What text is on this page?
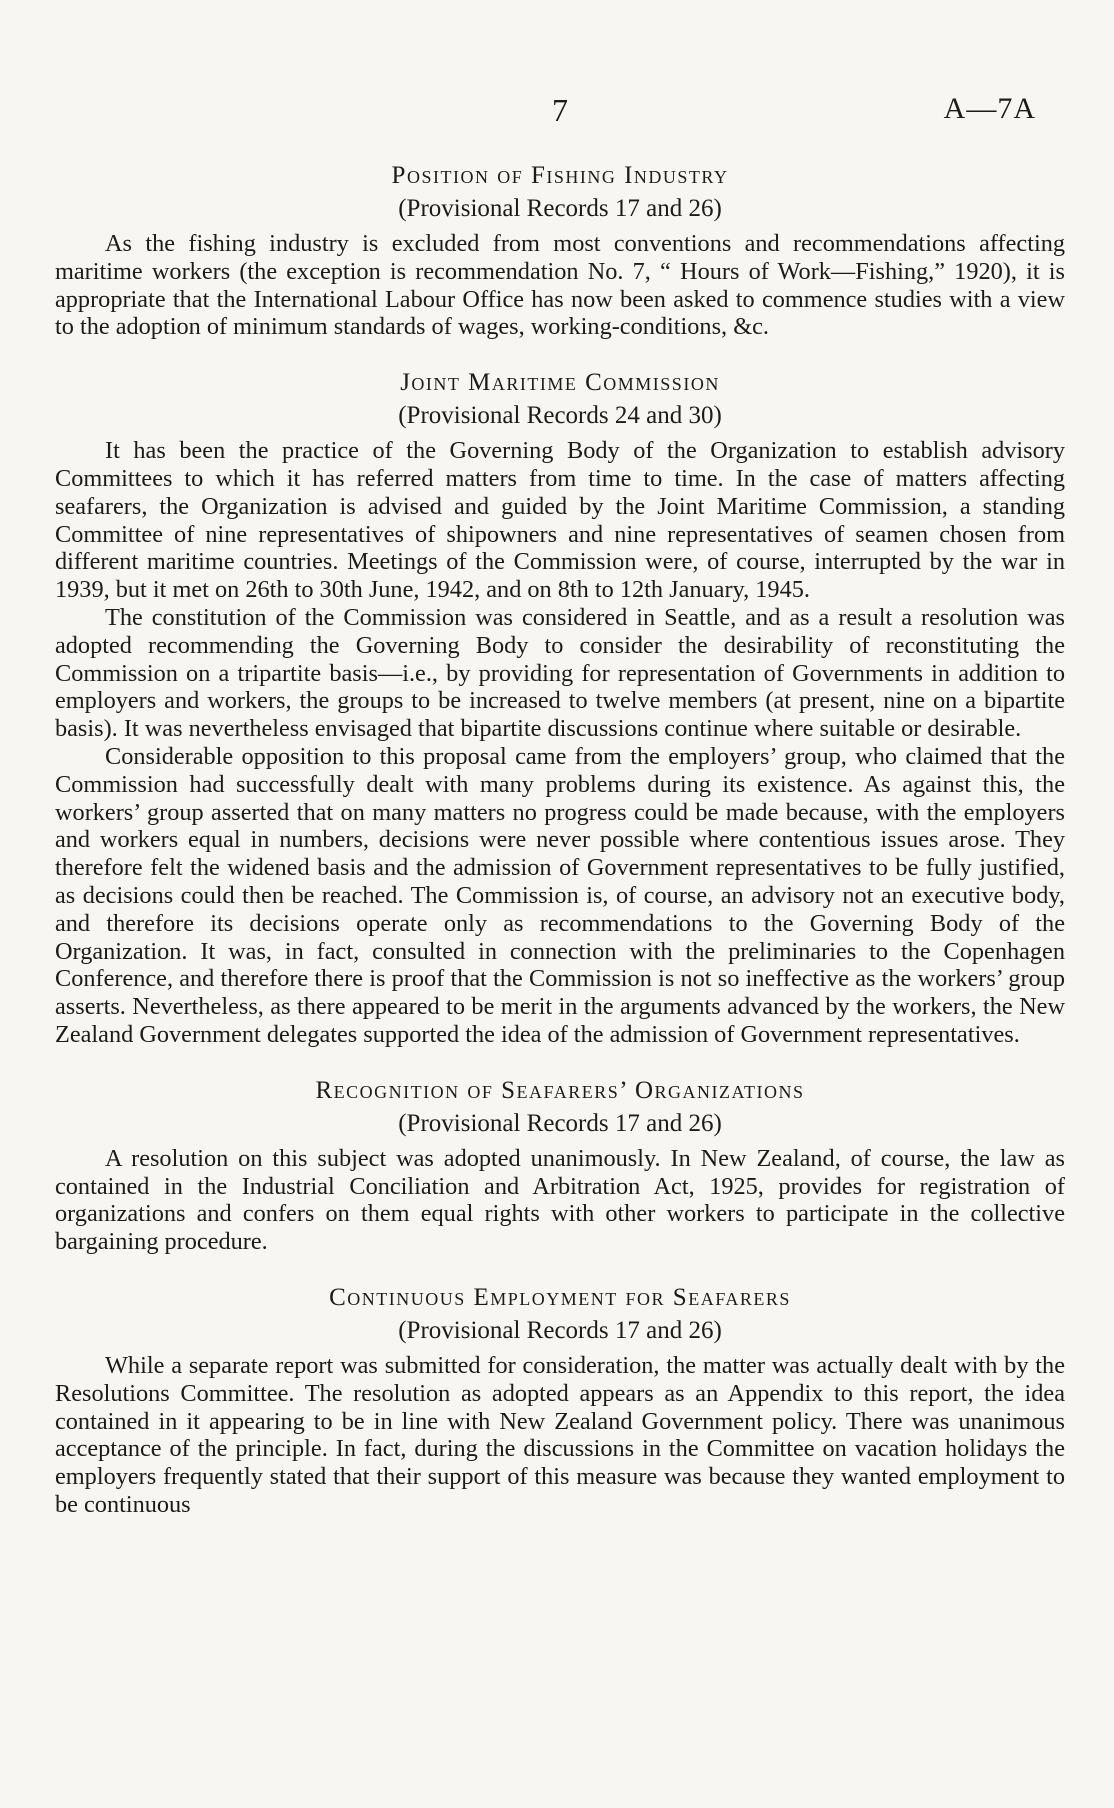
7	A—7A
Position of Fishing Industry
(Provisional Records 17 and 26)

As the fishing industry is excluded from most conventions and recommendations affecting maritime workers (the exception is recommendation No. 7, “ Hours of Work—Fishing,” 1920), it is appropriate that the International Labour Office has now been asked to commence studies with a view to the adoption of minimum standards of wages, working-conditions, &c.

Joint Maritime Commission
(Provisional Records 24 and 30)

It has been the practice of the Governing Body of the Organization to establish advisory Committees to which it has referred matters from time to time. In the case of matters affecting seafarers, the Organization is advised and guided by the Joint Maritime Commission, a standing Committee of nine representatives of shipowners and nine representatives of seamen chosen from different maritime countries. Meetings of the Commission were, of course, interrupted by the war in 1939, but it met on 26th to 30th June, 1942, and on 8th to 12th January, 1945.

The constitution of the Commission was considered in Seattle, and as a result a resolution was adopted recommending the Governing Body to consider the desirability of reconstituting the Commission on a tripartite basis—i.e., by providing for representation of Governments in addition to employers and workers, the groups to be increased to twelve members (at present, nine on a bipartite basis). It was nevertheless envisaged that bipartite discussions continue where suitable or desirable.

Considerable opposition to this proposal came from the employers’ group, who claimed that the Commission had successfully dealt with many problems during its existence. As against this, the workers’ group asserted that on many matters no progress could be made because, with the employers and workers equal in numbers, decisions were never possible where contentious issues arose. They therefore felt the widened basis and the admission of Government representatives to be fully justified, as decisions could then be reached. The Commission is, of course, an advisory not an executive body, and therefore its decisions operate only as recommendations to the Governing Body of the Organization. It was, in fact, consulted in connection with the preliminaries to the Copenhagen Conference, and therefore there is proof that the Commission is not so ineffective as the workers’ group asserts. Nevertheless, as there appeared to be merit in the arguments advanced by the workers, the New Zealand Government delegates supported the idea of the admission of Government representatives.

Recognition of Seafarers’ Organizations
(Provisional Records 17 and 26)

A resolution on this subject was adopted unanimously. In New Zealand, of course, the law as contained in the Industrial Conciliation and Arbitration Act, 1925, provides for registration of organizations and confers on them equal rights with other workers to participate in the collective bargaining procedure.

Continuous Employment for Seafarers
(Provisional Records 17 and 26)

While a separate report was submitted for consideration, the matter was actually dealt with by the Resolutions Committee. The resolution as adopted appears as an Appendix to this report, the idea contained in it appearing to be in line with New Zealand Government policy. There was unanimous acceptance of the principle. In fact, during the discussions in the Committee on vacation holidays the employers frequently stated that their support of this measure was because they wanted employment to be continuous
